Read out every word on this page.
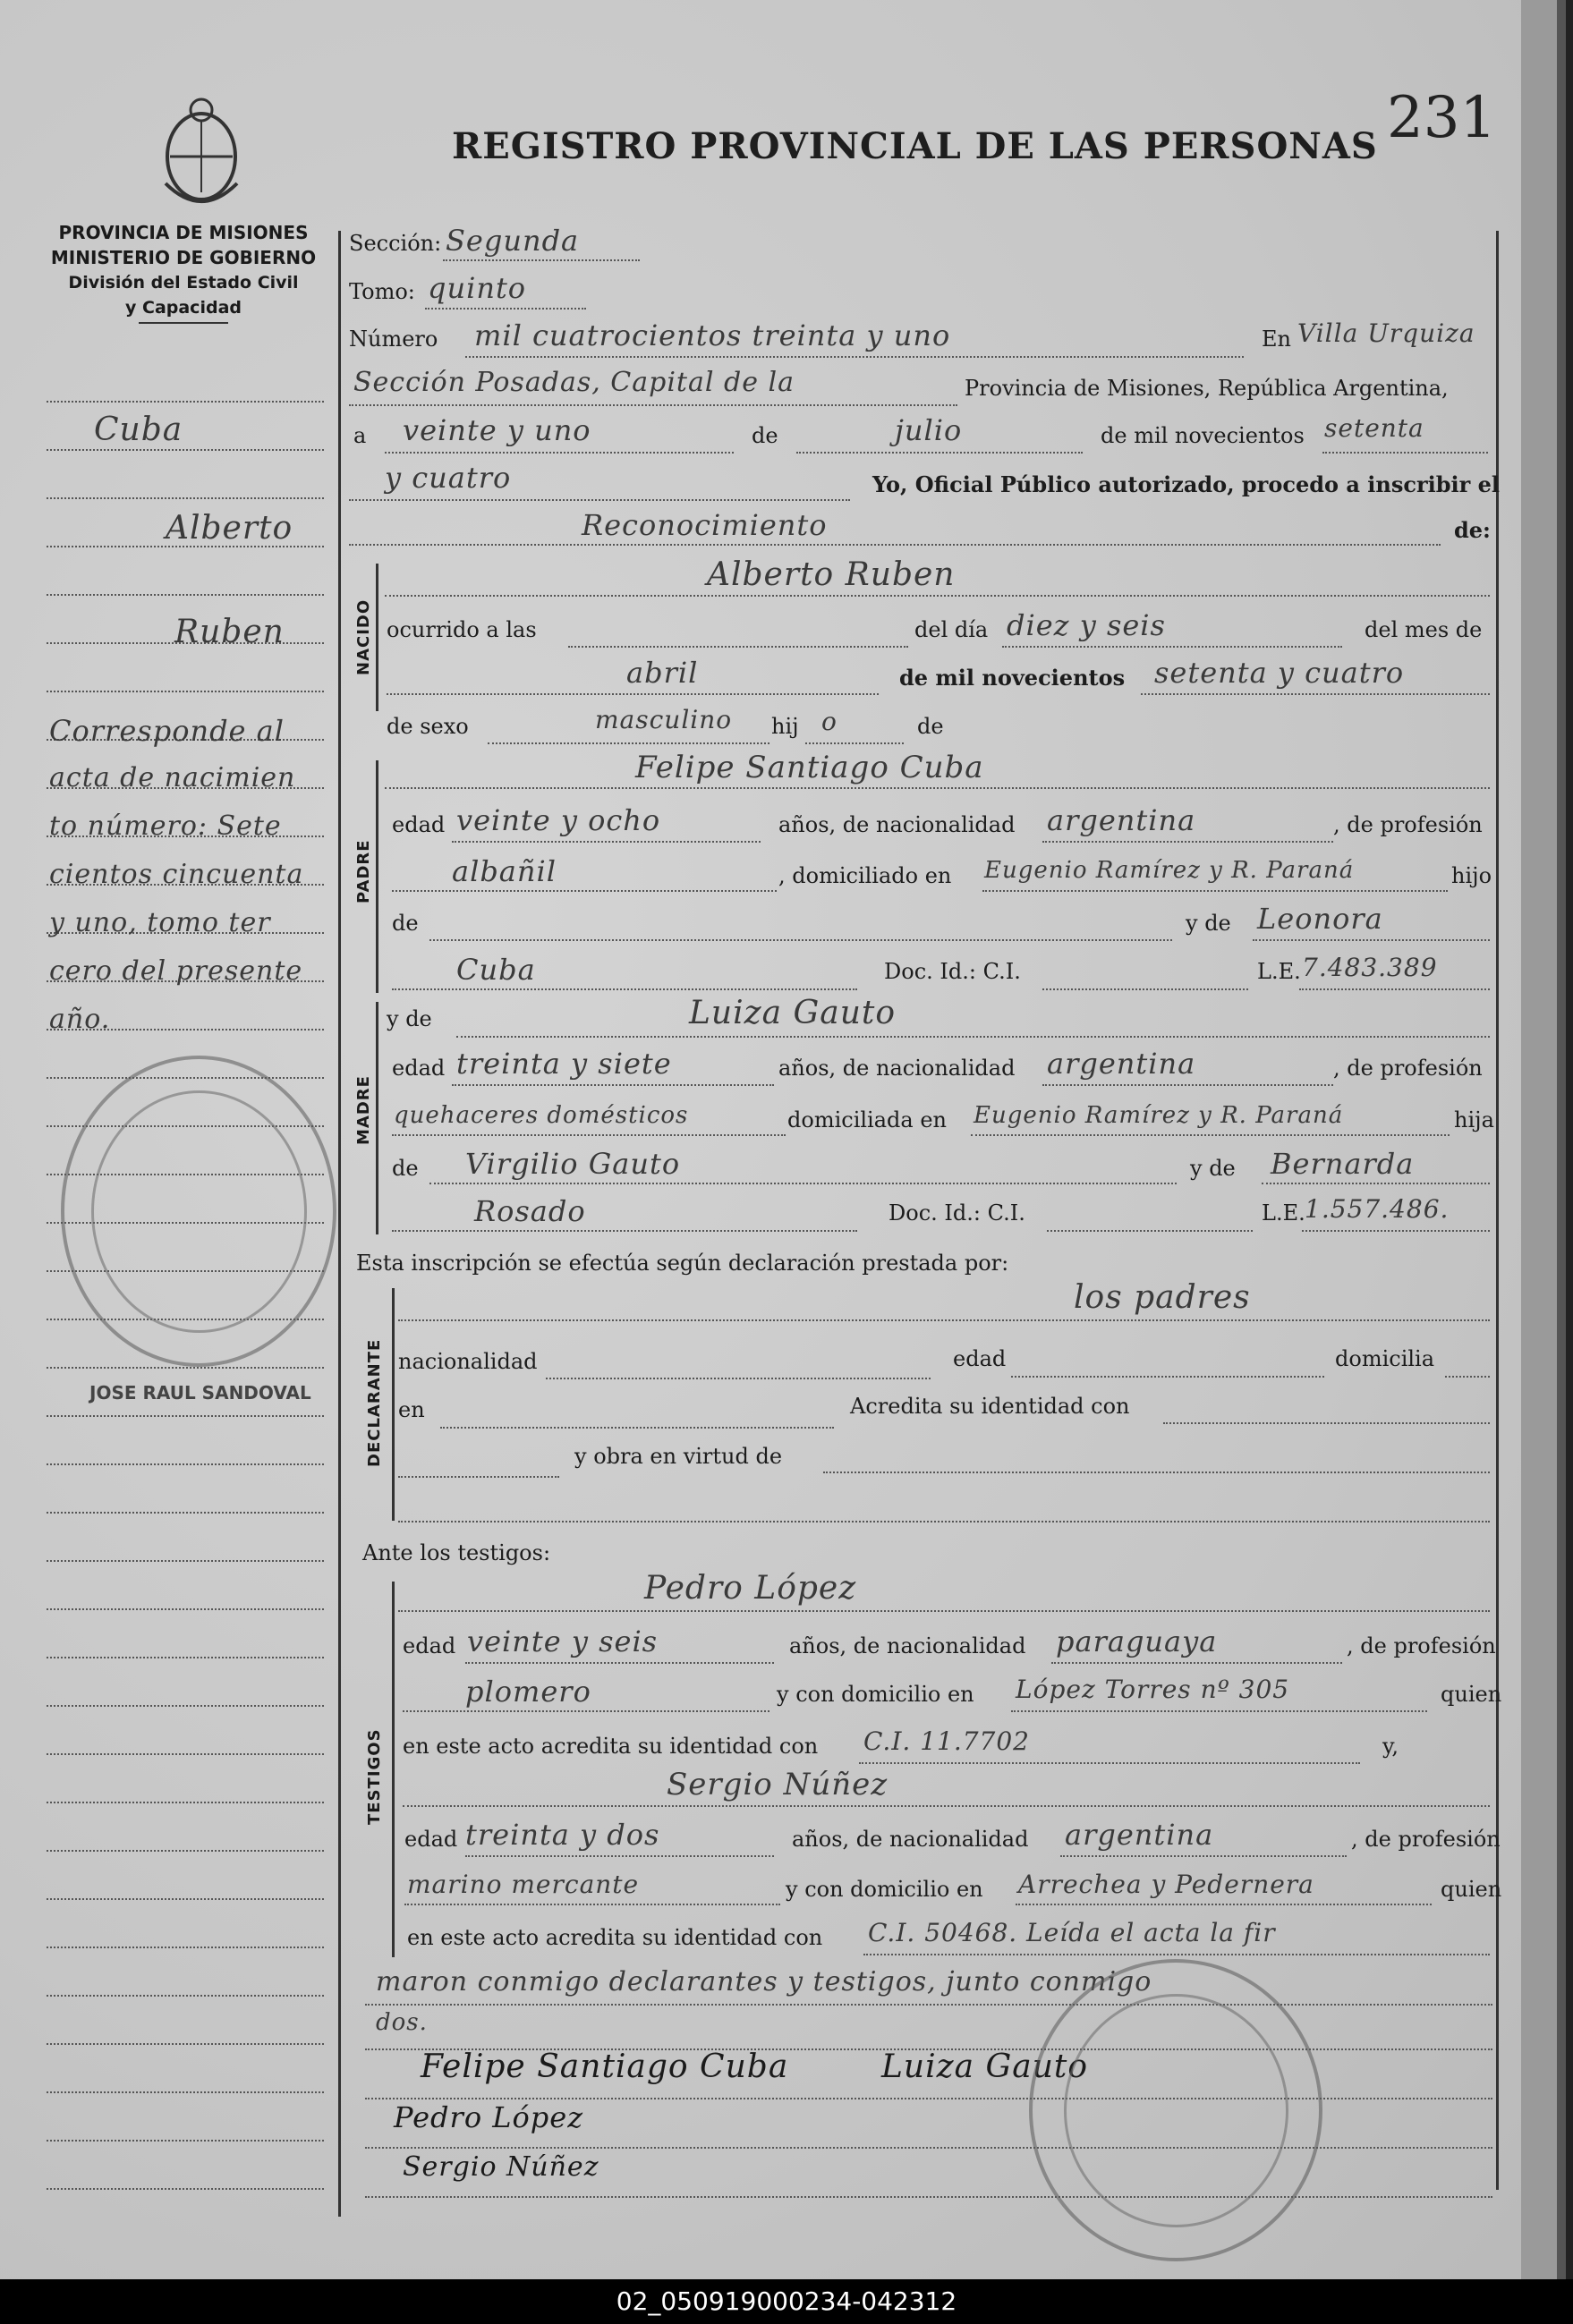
REGISTRO PROVINCIAL DE LAS PERSONAS 231
PROVINCIA DE MISIONES
MINISTERIO DE GOBIERNO
División del Estado Civil
y Capacidad
Cuba
Alberto
Ruben
Corresponde al
acta de nacimien
to número: Sete
cientos cincuenta
y uno, tomo ter
cero del presente
año.
JOSE RAUL SANDOVAL
Sección: Segunda
Tomo: quinto
Número mil cuatrocientos treinta y uno	En Villa Urquiza
Sección Posadas, Capital de la	Provincia de Misiones, República Argentina,
a veinte y uno	de	julio	de mil novecientos setenta
y cuatro	Yo, Oficial Público autorizado, procedo a inscribir el
Reconocimiento	de:
NACIDO
Alberto Ruben
ocurrido a las	del día diez y seis	del mes de
abril	de mil novecientos setenta y cuatro
de sexo	masculino hij o	de
PADRE
Felipe Santiago Cuba
edad veinte y ocho	años, de nacionalidad argentina	, de profesión
albañil	, domiciliado en Eugenio Ramírez y R. Paraná	hijo
de	y de Leonora
Cuba	Doc. Id.: C.I.	L.E. 7.483.389
MADRE
y de	Luiza Gauto
edad treinta y siete	años, de nacionalidad argentina	, de profesión
quehaceres domésticos	domiciliada en Eugenio Ramírez y R. Paraná	hija
de Virgilio Gauto	y de Bernarda
Rosado	Doc. Id.: C.I.	L.E. 1.557.486.
Esta inscripción se efectúa según declaración prestada por:
DECLARANTE
los padres
nacionalidad	edad	domicilia
en	Acredita su identidad con
y obra en virtud de
Ante los testigos:
TESTIGOS
Pedro López
edad veinte y seis	años, de nacionalidad paraguaya	, de profesión
plomero	y con domicilio en López Torres nº 305	quien
en este acto acredita su identidad con C.I. 11.7702	y,
Sergio Núñez
edad treinta y dos	años, de nacionalidad argentina	, de profesión
marino mercante	y con domicilio en Arrechea y Pedernera	quien
en este acto acredita su identidad con C.I. 50468. Leída el acta la fir
maron conmigo declarantes y testigos, junto conmigo
dos.
Felipe Santiago Cuba	Luiza Gauto
Pedro López
Sergio Núñez
02_050919000234-042312
